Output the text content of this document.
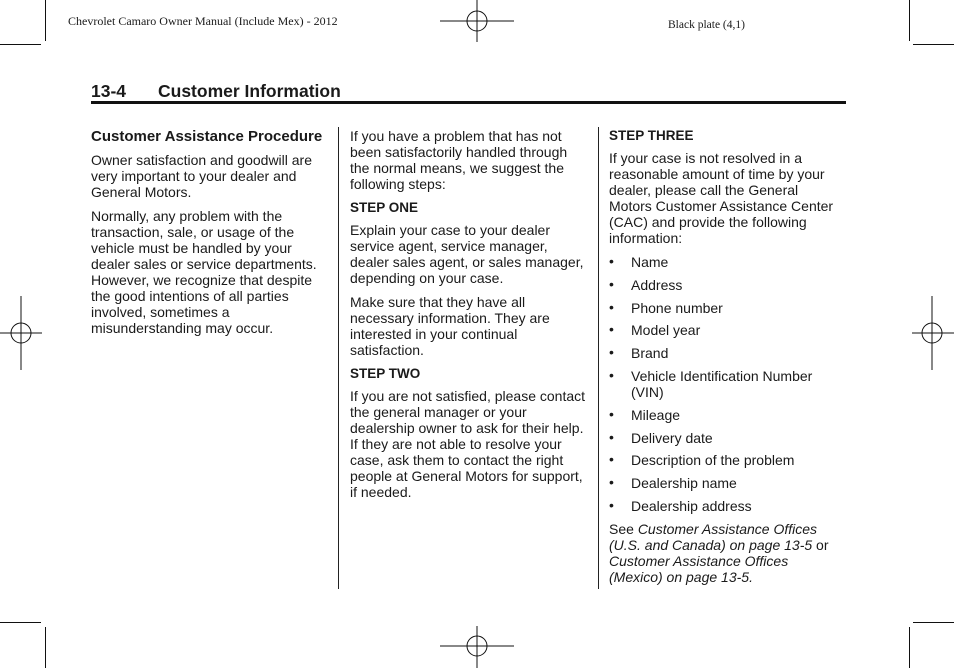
Chevrolet Camaro Owner Manual (Include Mex) - 2012	Black plate (4,1)
13-4 Customer Information
Customer Assistance Procedure

Owner satisfaction and goodwill are very important to your dealer and General Motors.

Normally, any problem with the transaction, sale, or usage of the vehicle must be handled by your dealer sales or service departments. However, we recognize that despite the good intentions of all parties involved, sometimes a misunderstanding may occur.

If you have a problem that has not been satisfactorily handled through the normal means, we suggest the following steps:

STEP ONE

Explain your case to your dealer service agent, service manager, dealer sales agent, or sales manager, depending on your case.

Make sure that they have all necessary information. They are interested in your continual satisfaction.

STEP TWO

If you are not satisfied, please contact the general manager or your dealership owner to ask for their help. If they are not able to resolve your case, ask them to contact the right people at General Motors for support, if needed.

STEP THREE

If your case is not resolved in a reasonable amount of time by your dealer, please call the General Motors Customer Assistance Center (CAC) and provide the following information:

• Name
• Address
• Phone number
• Model year
• Brand
• Vehicle Identification Number (VIN)
• Mileage
• Delivery date
• Description of the problem
• Dealership name
• Dealership address

See Customer Assistance Offices (U.S. and Canada) on page 13-5 or Customer Assistance Offices (Mexico) on page 13-5.
